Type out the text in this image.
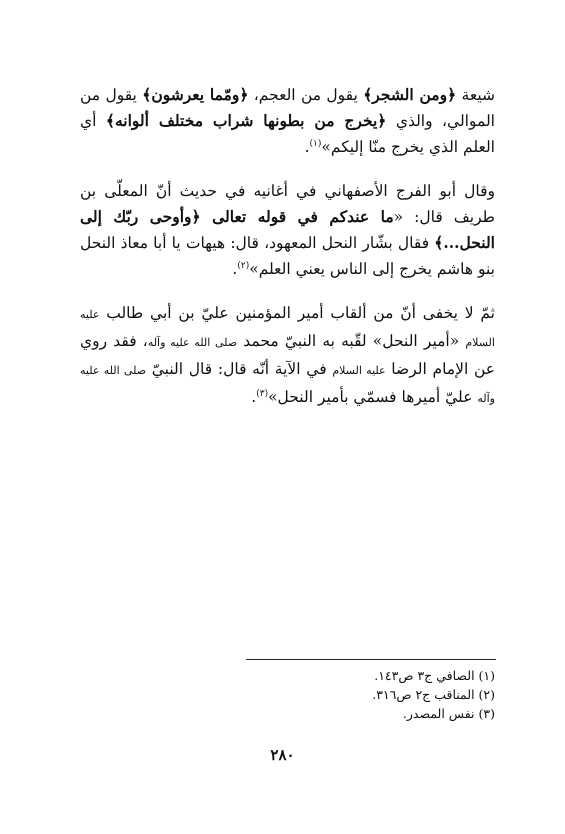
شيعة ﴿ومن الشجر﴾ يقول من العجم، ﴿ومّما يعرشون﴾ يقول من الموالي، والذي ﴿يخرج من بطونها شراب مختلف ألوانه﴾ أي العلم الذي يخرج منّا إليكم»$^{(١)}$.

وقال أبو الفرج الأصفهاني في أغانيه في حديث أنّ المعلّى بن طريف قال: «ما عندكم في قوله تعالى ﴿وأوحى ربّك إلى النحل...﴾ فقال بشّار النحل المعهود، قال: هيهات يا أبا معاذ النحل بنو هاشم يخرج إلى الناس يعني العلم»$^{(٢)}$.

ثمّ لا يخفى أنّ من ألقاب أمير المؤمنين عليّ بن أبي طالب عليه السلام «أمير النحل» لقّبه به النبيّ محمد صلى الله عليه وآله، فقد روي عن الإمام الرضا عليه السلام في الآية أنّه قال: قال النبيّ صلى الله عليه وآله عليّ أميرها فسمّي بأمير النحل»$^{(٣)}$.

(١) الصافي ج٣ ص١٤٣.

(٢) المناقب ج٢ ص٣١٦.

(٣) نفس المصدر.

٢٨٠
